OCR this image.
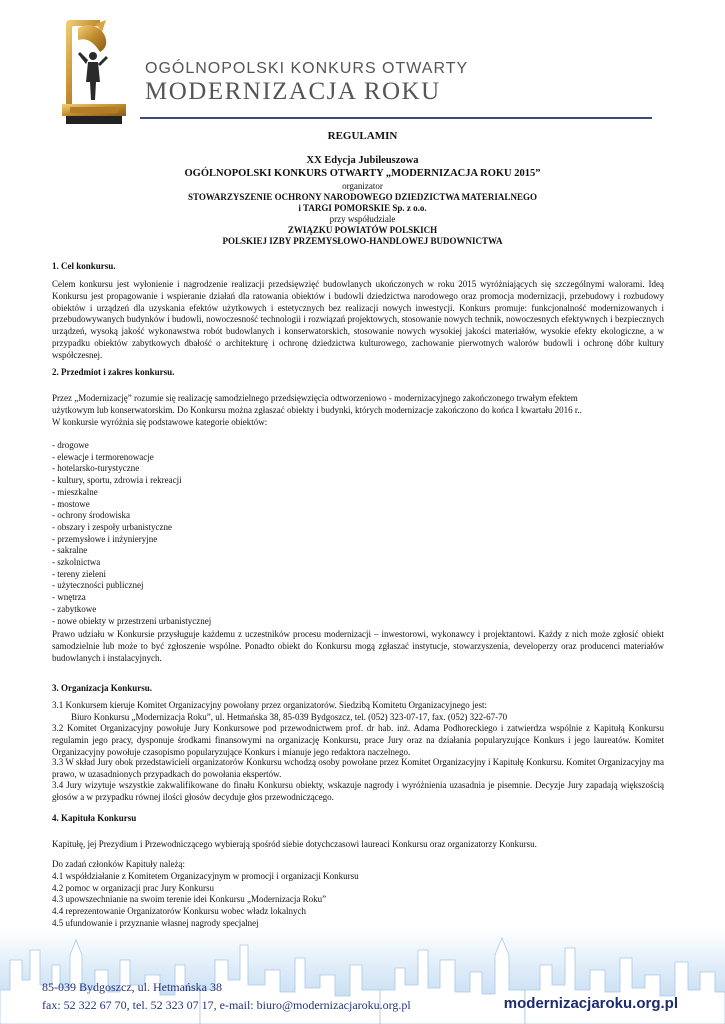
OGÓLNOPOLSKI KONKURS OTWARTY
MODERNIZACJA ROKU
REGULAMIN
XX Edycja Jubileuszowa
OGÓLNOPOLSKI KONKURS OTWARTY „MODERNIZACJA ROKU 2015”
organizator
STOWARZYSZENIE OCHRONY NARODOWEGO DZIEDZICTWA MATERIALNEGO
i TARGI POMORSKIE Sp. z o.o.
przy współudziale
ZWIĄZKU POWIATÓW POLSKICH
POLSKIEJ IZBY PRZEMYSŁOWO-HANDLOWEJ BUDOWNICTWA
1. Cel konkursu.
Celem konkursu jest wyłonienie i nagrodzenie realizacji przedsięwzięć budowlanych ukończonych w roku 2015 wyróżniających się szczególnymi walorami. Ideą Konkursu jest propagowanie i wspieranie działań dla ratowania obiektów i budowli dziedzictwa narodowego oraz promocja modernizacji, przebudowy i rozbudowy obiektów i urządzeń dla uzyskania efektów użytkowych i estetycznych bez realizacji nowych inwestycji. Konkurs promuje: funkcjonalność modernizowanych i przebudowywanych budynków i budowli, nowoczesność technologii i rozwiązań projektowych, stosowanie nowych technik, nowoczesnych efektywnych i bezpiecznych urządzeń, wysoką jakość wykonawstwa robót budowlanych i konserwatorskich, stosowanie nowych wysokiej jakości materiałów, wysokie efekty ekologiczne, a w przypadku obiektów zabytkowych dbałość o architekturę i ochronę dziedzictwa kulturowego, zachowanie pierwotnych walorów budowli i ochronę dóbr kultury współczesnej.
2. Przedmiot i zakres konkursu.
Przez „Modernizację” rozumie się realizację samodzielnego przedsięwzięcia odtworzeniowo - modernizacyjnego zakończonego trwałym efektem
użytkowym lub konserwatorskim. Do Konkursu można zgłaszać obiekty i budynki, których modernizacje zakończono do końca I kwartału 2016 r..
W konkursie wyróżnia się podstawowe kategorie obiektów:
- drogowe
- elewacje i termorenowacje
- hotelarsko-turystyczne
- kultury, sportu, zdrowia i rekreacji
- mieszkalne
- mostowe
- ochrony środowiska
- obszary i zespoły urbanistyczne
- przemysłowe i inżynieryjne
- sakralne
- szkolnictwa
- tereny zieleni
- użyteczności publicznej
- wnętrza
- zabytkowe
- nowe obiekty w przestrzeni urbanistycznej
Prawo udziału w Konkursie przysługuje każdemu z uczestników procesu modernizacji – inwestorowi, wykonawcy i projektantowi. Każdy z nich może zgłosić obiekt samodzielnie lub może to być zgłoszenie wspólne. Ponadto obiekt do Konkursu mogą zgłaszać instytucje, stowarzyszenia, developerzy oraz producenci materiałów budowlanych i instalacyjnych.
3. Organizacja Konkursu.
3.1 Konkursem kieruje Komitet Organizacyjny powołany przez organizatorów. Siedzibą Komitetu Organizacyjnego jest:
Biuro Konkursu „Modernizacja Roku”, ul. Hetmańska 38, 85-039 Bydgoszcz, tel. (052) 323-07-17, fax. (052) 322-67-70
3.2 Komitet Organizacyjny powołuje Jury Konkursowe pod przewodnictwem prof. dr hab. inż. Adama Podhoreckiego i zatwierdza wspólnie z Kapitułą Konkursu regulamin jego pracy, dysponuje środkami finansowymi na organizację Konkursu, prace Jury oraz na działania popularyzujące Konkurs i jego laureatów. Komitet Organizacyjny powołuje czasopismo popularyzujące Konkurs i mianuje jego redaktora naczelnego.
3.3 W skład Jury obok przedstawicieli organizatorów Konkursu wchodzą osoby powołane przez Komitet Organizacyjny i Kapitułę Konkursu. Komitet Organizacyjny ma prawo, w uzasadnionych przypadkach do powołania ekspertów.
3.4 Jury wizytuje wszystkie zakwalifikowane do finału Konkursu obiekty, wskazuje nagrody i wyróżnienia uzasadnia je pisemnie. Decyzje Jury zapadają większością głosów a w przypadku równej ilości głosów decyduje głos przewodniczącego.
4. Kapituła Konkursu
Kapitułę, jej Prezydium i Przewodniczącego wybierają spośród siebie dotychczasowi laureaci Konkursu oraz organizatorzy Konkursu.
Do zadań członków Kapituły należą:
4.1 współdziałanie z Komitetem Organizacyjnym w promocji i organizacji Konkursu
4.2 pomoc w organizacji prac Jury Konkursu
4.3 upowszechnianie na swoim terenie idei Konkursu „Modernizacja Roku”
4.4 reprezentowanie Organizatorów Konkursu wobec władz lokalnych
4.5 ufundowanie i przyznanie własnej nagrody specjalnej
85-039 Bydgoszcz, ul. Hetmańska 38
fax: 52 322 67 70, tel. 52 323 07 17, e-mail: biuro@modernizacjaroku.org.pl	modernizacjaroku.org.pl
